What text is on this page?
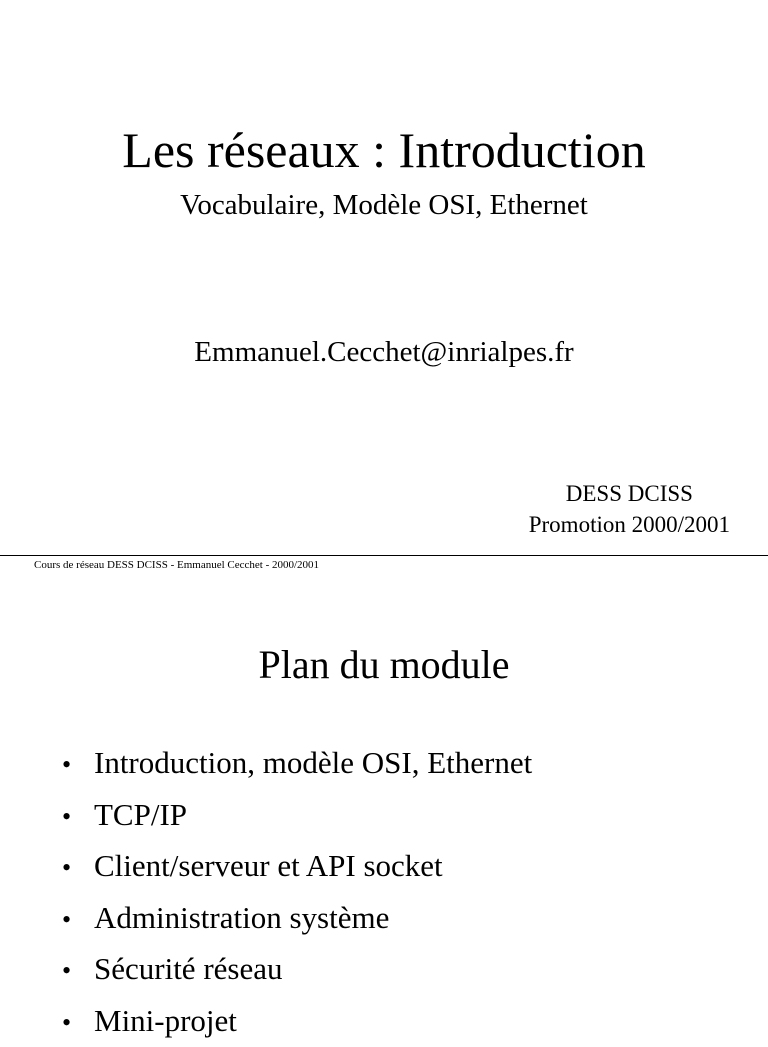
Les réseaux : Introduction
Vocabulaire, Modèle OSI, Ethernet
Emmanuel.Cecchet@inrialpes.fr
DESS DCISS
Promotion 2000/2001
Cours de réseau DESS DCISS - Emmanuel Cecchet - 2000/2001
Plan du module
• Introduction, modèle OSI, Ethernet
• TCP/IP
• Client/serveur et API socket
• Administration système
• Sécurité réseau
• Mini-projet
